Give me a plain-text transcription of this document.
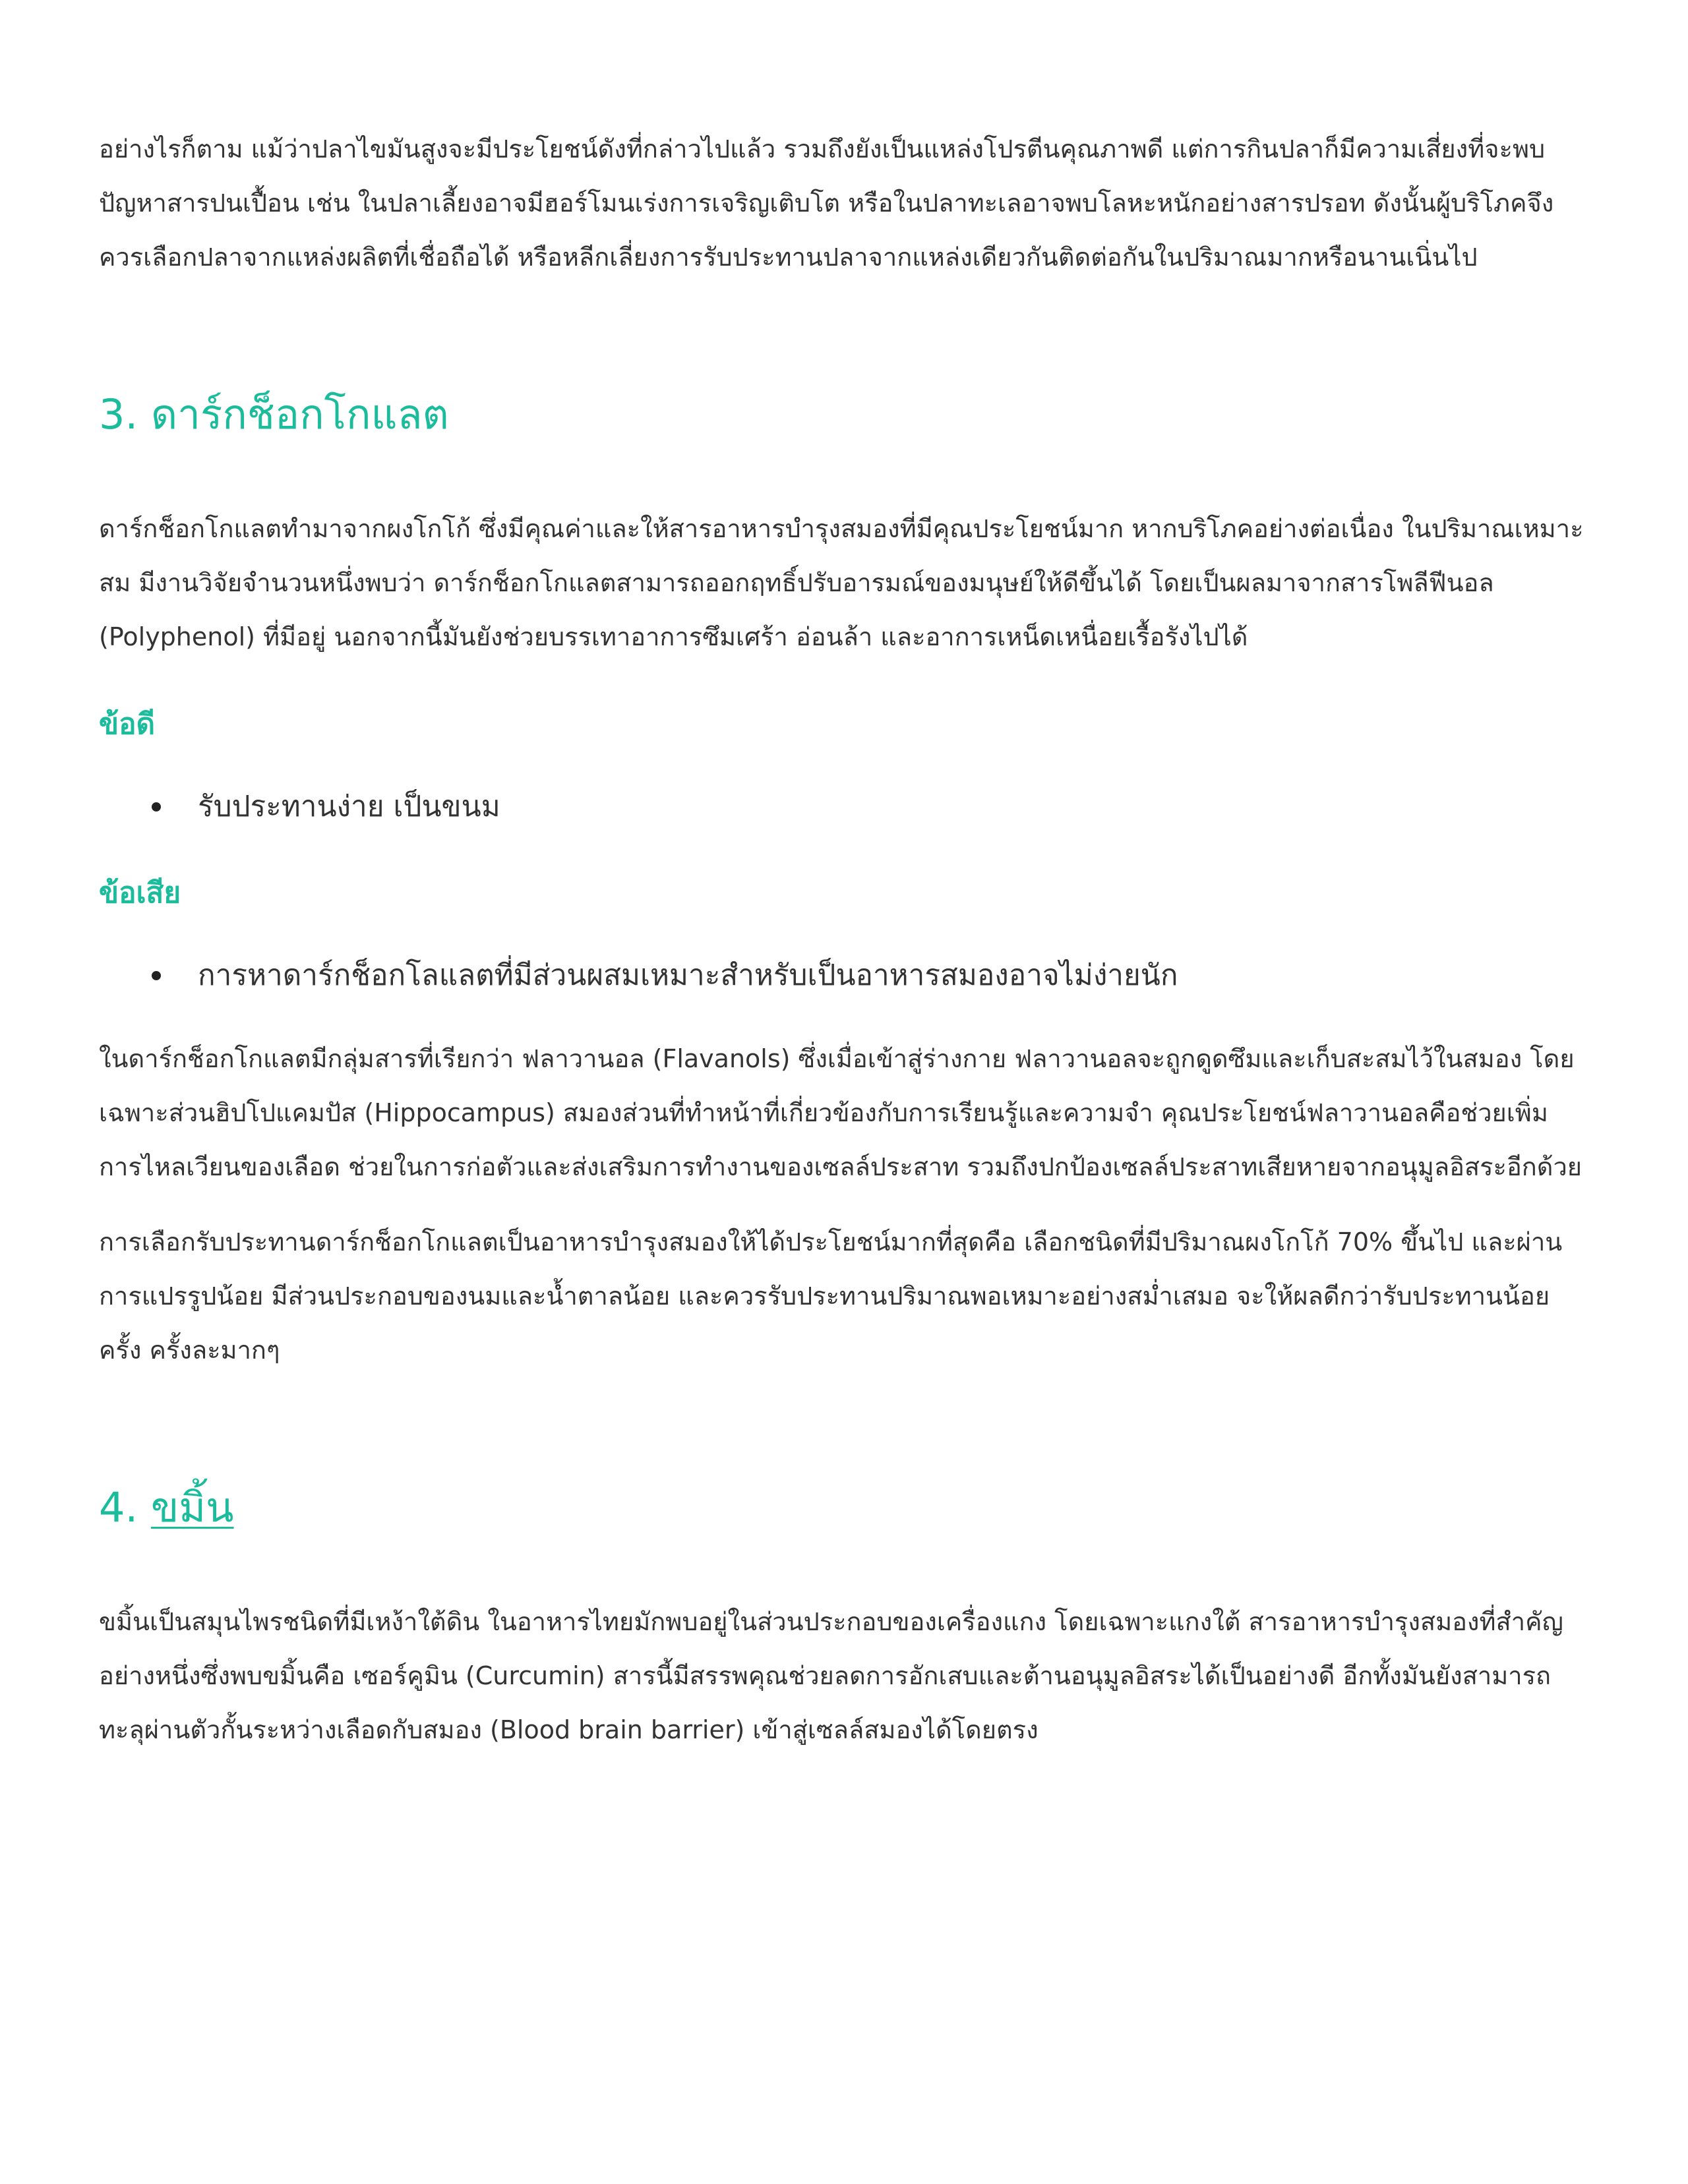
อย่างไรก็ตาม แม้ว่าปลาไขมันสูงจะมีประโยชน์ดังที่กล่าวไปแล้ว รวมถึงยังเป็นแหล่งโปรตีนคุณภาพดี แต่การกินปลาก็มีความเสี่ยงที่จะพบปัญหาสารปนเปื้อน เช่น ในปลาเลี้ยงอาจมีฮอร์โมนเร่งการเจริญเติบโต หรือในปลาทะเลอาจพบโลหะหนักอย่างสารปรอท ดังนั้นผู้บริโภคจึงควรเลือกปลาจากแหล่งผลิตที่เชื่อถือได้ หรือหลีกเลี่ยงการรับประทานปลาจากแหล่งเดียวกันติดต่อกันในปริมาณมากหรือนานเนิ่นไป

3. ดาร์กช็อกโกแลต

ดาร์กช็อกโกแลตทำมาจากผงโกโก้ ซึ่งมีคุณค่าและให้สารอาหารบำรุงสมองที่มีคุณประโยชน์มาก หากบริโภคอย่างต่อเนื่อง ในปริมาณเหมาะสม มีงานวิจัยจำนวนหนึ่งพบว่า ดาร์กช็อกโกแลตสามารถออกฤทธิ์ปรับอารมณ์ของมนุษย์ให้ดีขึ้นได้ โดยเป็นผลมาจากสารโพลีฟีนอล (Polyphenol) ที่มีอยู่ นอกจากนี้มันยังช่วยบรรเทาอาการซึมเศร้า อ่อนล้า และอาการเหน็ดเหนื่อยเรื้อรังไปได้

ข้อดี
รับประทานง่าย เป็นขนม
ข้อเสีย
การหาดาร์กช็อกโลแลตที่มีส่วนผสมเหมาะสำหรับเป็นอาหารสมองอาจไม่ง่ายนัก

ในดาร์กช็อกโกแลตมีกลุ่มสารที่เรียกว่า ฟลาวานอล (Flavanols) ซึ่งเมื่อเข้าสู่ร่างกาย ฟลาวานอลจะถูกดูดซึมและเก็บสะสมไว้ในสมอง โดยเฉพาะส่วนฮิปโปแคมปัส (Hippocampus) สมองส่วนที่ทำหน้าที่เกี่ยวข้องกับการเรียนรู้และความจำ คุณประโยชน์ฟลาวานอลคือช่วยเพิ่มการไหลเวียนของเลือด ช่วยในการก่อตัวและส่งเสริมการทำงานของเซลล์ประสาท รวมถึงปกป้องเซลล์ประสาทเสียหายจากอนุมูลอิสระอีกด้วย

การเลือกรับประทานดาร์กช็อกโกแลตเป็นอาหารบำรุงสมองให้ได้ประโยชน์มากที่สุดคือ เลือกชนิดที่มีปริมาณผงโกโก้ 70% ขึ้นไป และผ่านการแปรรูปน้อย มีส่วนประกอบของนมและน้ำตาลน้อย และควรรับประทานปริมาณพอเหมาะอย่างสม่ำเสมอ จะให้ผลดีกว่ารับประทานน้อยครั้ง ครั้งละมากๆ

4. ขมิ้น

ขมิ้นเป็นสมุนไพรชนิดที่มีเหง้าใต้ดิน ในอาหารไทยมักพบอยู่ในส่วนประกอบของเครื่องแกง โดยเฉพาะแกงใต้ สารอาหารบำรุงสมองที่สำคัญอย่างหนึ่งซึ่งพบขมิ้นคือ เซอร์คูมิน (Curcumin) สารนี้มีสรรพคุณช่วยลดการอักเสบและต้านอนุมูลอิสระได้เป็นอย่างดี อีกทั้งมันยังสามารถทะลุผ่านตัวกั้นระหว่างเลือดกับสมอง (Blood brain barrier) เข้าสู่เซลล์สมองได้โดยตรง
